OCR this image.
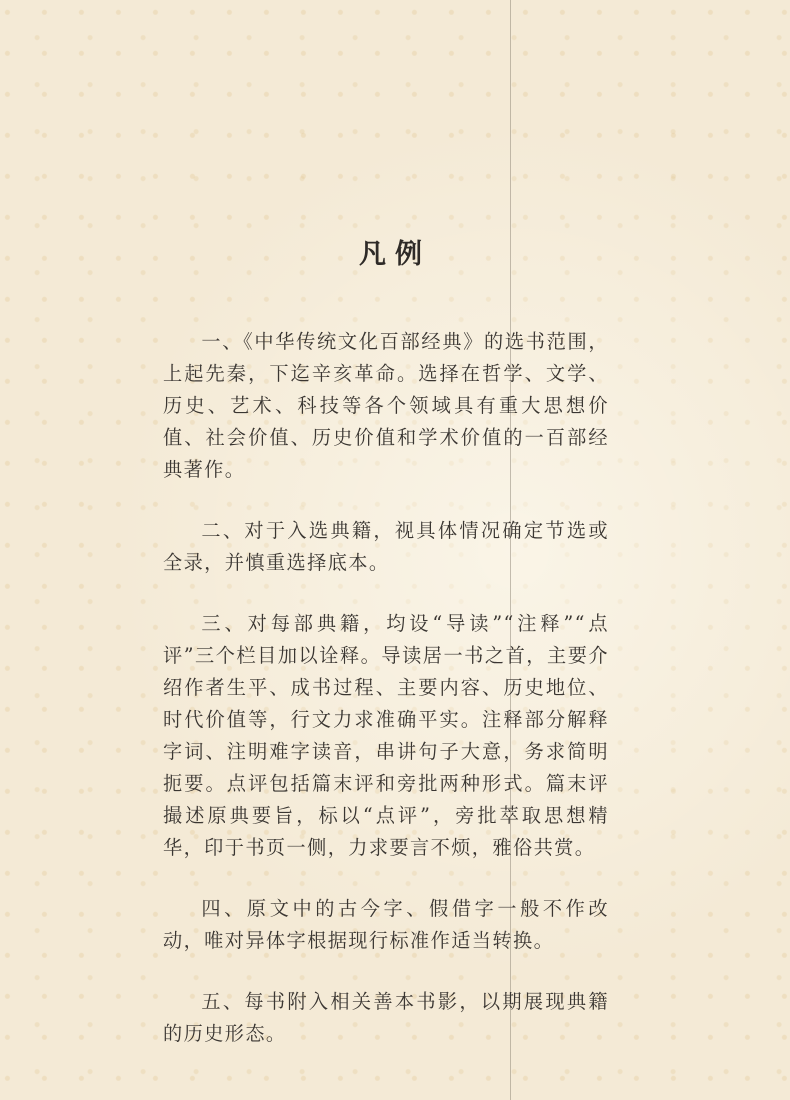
凡例

一、《中华传统文化百部经典》的选书范围，上起先秦，下迄辛亥革命。选择在哲学、文学、历史、艺术、科技等各个领域具有重大思想价值、社会价值、历史价值和学术价值的一百部经典著作。

二、对于入选典籍，视具体情况确定节选或全录，并慎重选择底本。

三、对每部典籍，均设“导读”“注释”“点评”三个栏目加以诠释。导读居一书之首，主要介绍作者生平、成书过程、主要内容、历史地位、时代价值等，行文力求准确平实。注释部分解释字词、注明难字读音，串讲句子大意，务求简明扼要。点评包括篇末评和旁批两种形式。篇末评撮述原典要旨，标以“点评”，旁批萃取思想精华，印于书页一侧，力求要言不烦，雅俗共赏。

四、原文中的古今字、假借字一般不作改动，唯对异体字根据现行标准作适当转换。

五、每书附入相关善本书影，以期展现典籍的历史形态。
